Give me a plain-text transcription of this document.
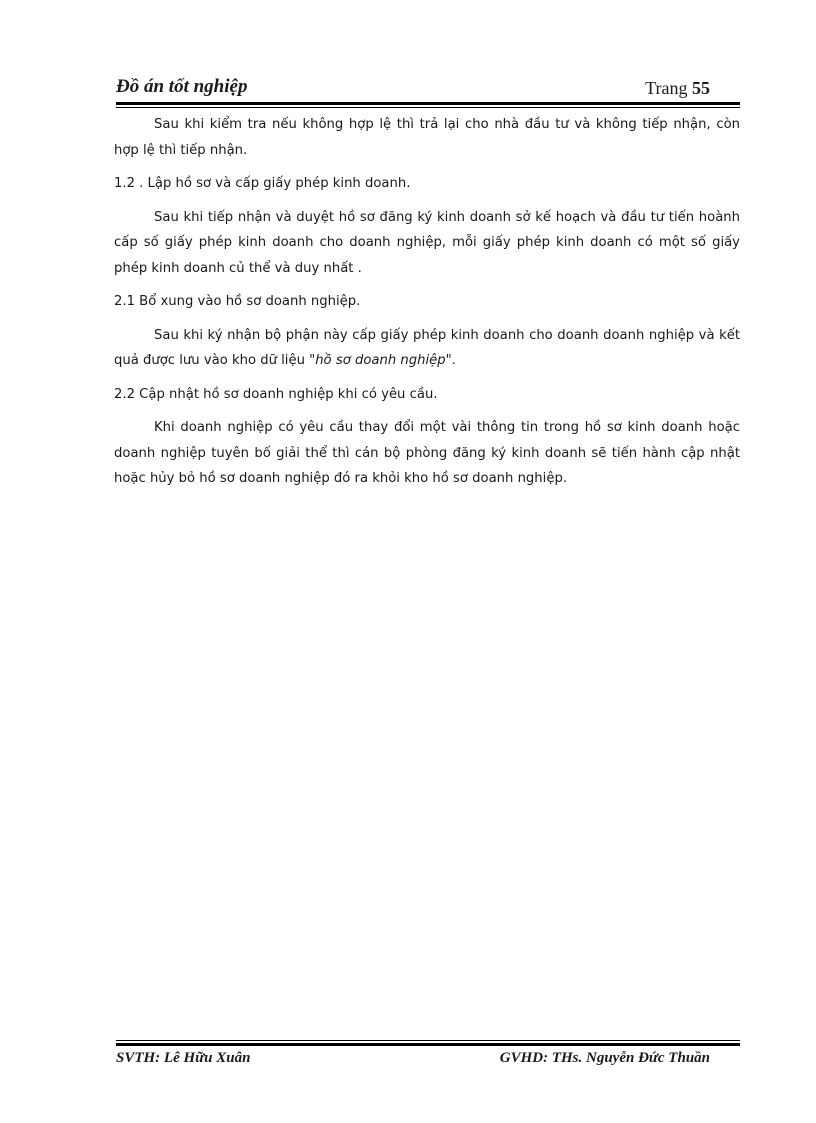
Đồ án tốt nghiệp	Trang 55

Sau khi kiểm tra nếu không hợp lệ thì trả lại cho nhà đầu tư và không tiếp nhận, còn hợp lệ thì tiếp nhận.

1.2 . Lập hồ sơ và cấp giấy phép kinh doanh.

Sau khi tiếp nhận và duyệt hồ sơ đăng ký kinh doanh sở kế hoạch và đầu tư tiến hoành cấp số giấy phép kinh doanh cho doanh nghiệp, mỗi giấy phép kinh doanh có một số giấy phép kinh doanh củ thể và duy nhất .

2.1 Bổ xung vào hồ sơ doanh nghiệp.

Sau khi ký nhận bộ phận này cấp giấy phép kinh doanh cho doanh doanh nghiệp và kết quả được lưu vào kho dữ liệu "hồ sơ doanh nghiệp".

2.2 Cập nhật hồ sơ doanh nghiệp khi có yêu cầu.

Khi doanh nghiệp có yêu cầu thay đổi một vài thông tin trong hồ sơ kinh doanh hoặc doanh nghiệp tuyên bố giải thể thì cán bộ phòng đăng ký kinh doanh sẽ tiến hành cập nhật hoặc hủy bỏ hồ sơ doanh nghiệp đó ra khỏi kho hồ sơ doanh nghiệp.

SVTH: Lê Hữu Xuân	GVHD: THs. Nguyễn Đức Thuần
